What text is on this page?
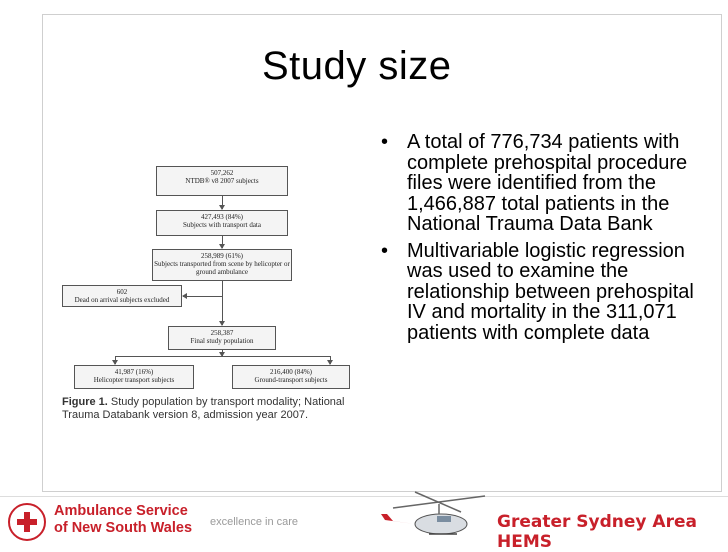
Study size
• A total of 776,734 patients with complete prehospital procedure files were identified from the 1,466,887 total patients in the National Trauma Data Bank
• Multivariable logistic regression was used to examine the relationship between prehospital IV and mortality in the 311,071 patients with complete data
507,262
NTDB® v8 2007 subjects
427,493 (84%)
Subjects with transport data
258,989 (61%)
Subjects transported from scene by helicopter or ground ambulance
602
Dead on arrival subjects excluded
258,387
Final study population
41,987 (16%)
Helicopter transport subjects
216,400 (84%)
Ground-transport subjects
Figure 1. Study population by transport modality; National Trauma Databank version 8, admission year 2007.
Ambulance Service
of New South Wales excellence in care	Greater Sydney Area HEMS
